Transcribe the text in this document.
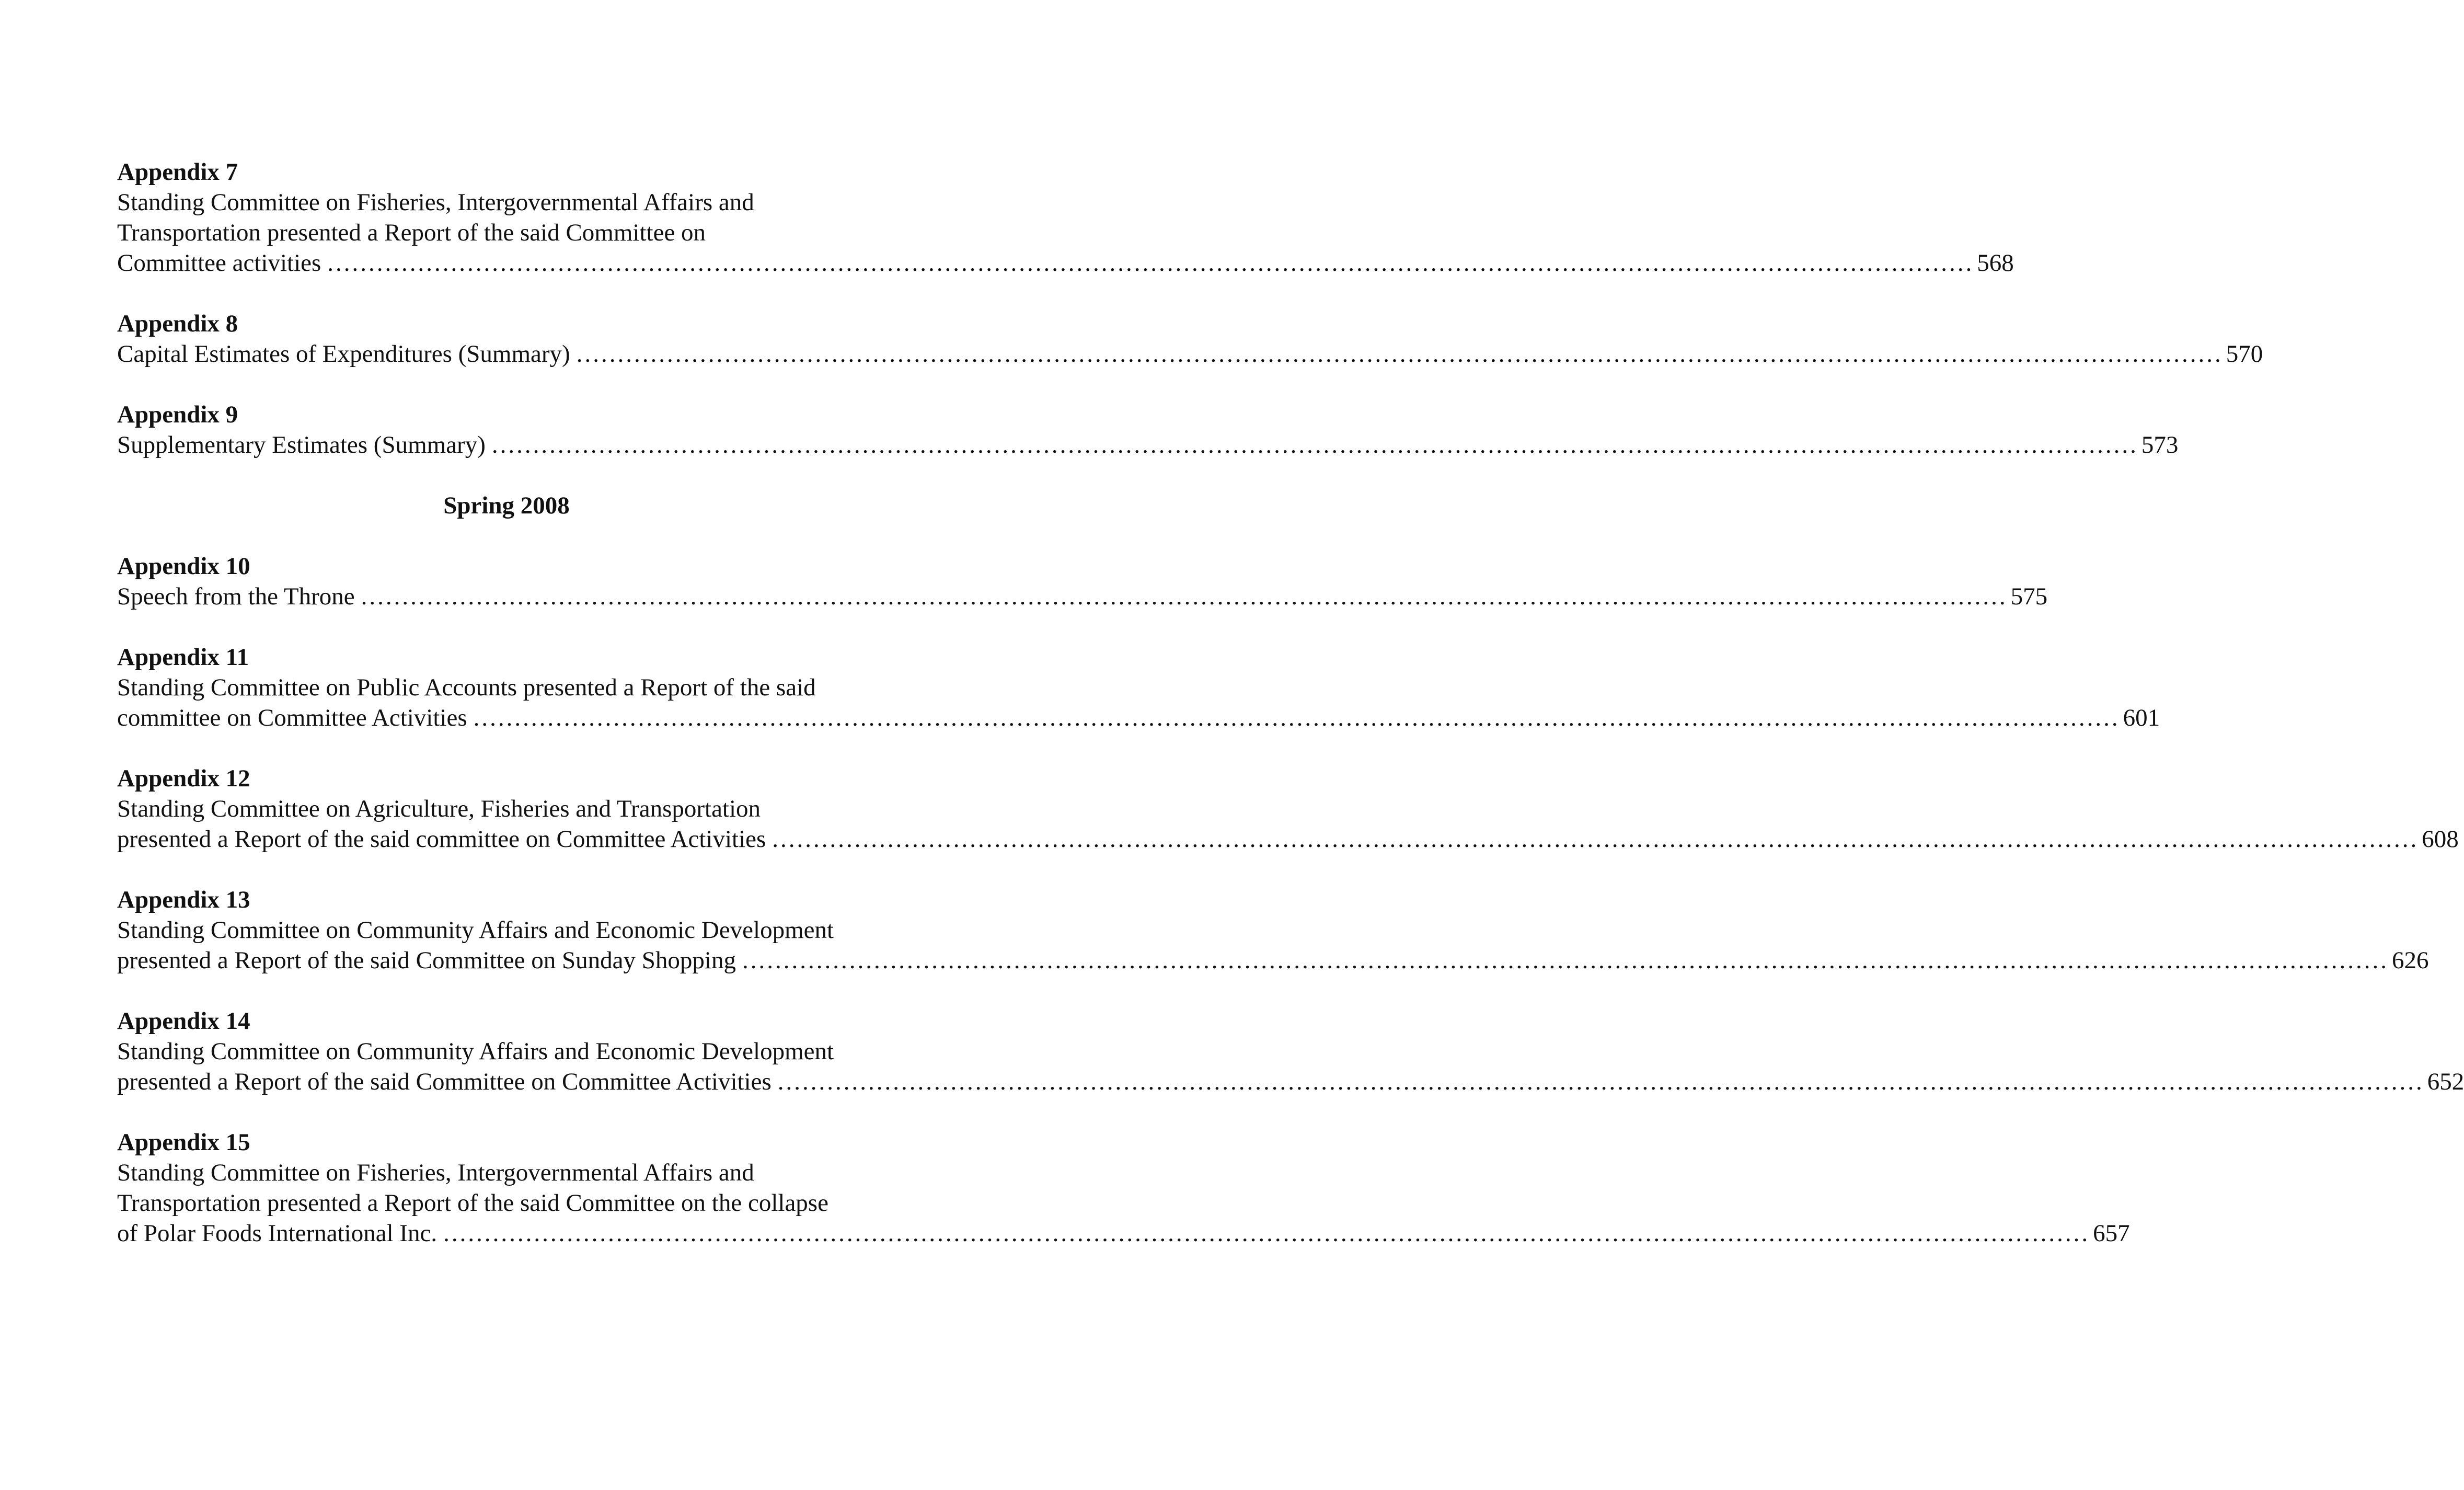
Appendix 7

Standing Committee on Fisheries, Intergovernmental Affairs and

Transportation presented a Report of the said Committee on

Committee activities ........................................................................................................................................................................................................ 568

Appendix 8

Capital Estimates of Expenditures (Summary) ........................................................................................................................................................................................................ 570

Appendix 9

Supplementary Estimates (Summary) ........................................................................................................................................................................................................ 573

Spring 2008

Appendix 10

Speech from the Throne ........................................................................................................................................................................................................ 575

Appendix 11

Standing Committee on Public Accounts presented a Report of the said

committee on Committee Activities ........................................................................................................................................................................................................ 601

Appendix 12

Standing Committee on Agriculture, Fisheries and Transportation

presented a Report of the said committee on Committee Activities ........................................................................................................................................................................................................ 608

Appendix 13

Standing Committee on Community Affairs and Economic Development

presented a Report of the said Committee on Sunday Shopping ........................................................................................................................................................................................................ 626

Appendix 14

Standing Committee on Community Affairs and Economic Development

presented a Report of the said Committee on Committee Activities ........................................................................................................................................................................................................ 652

Appendix 15

Standing Committee on Fisheries, Intergovernmental Affairs and

Transportation presented a Report of the said Committee on the collapse

of Polar Foods International Inc. ........................................................................................................................................................................................................ 657
